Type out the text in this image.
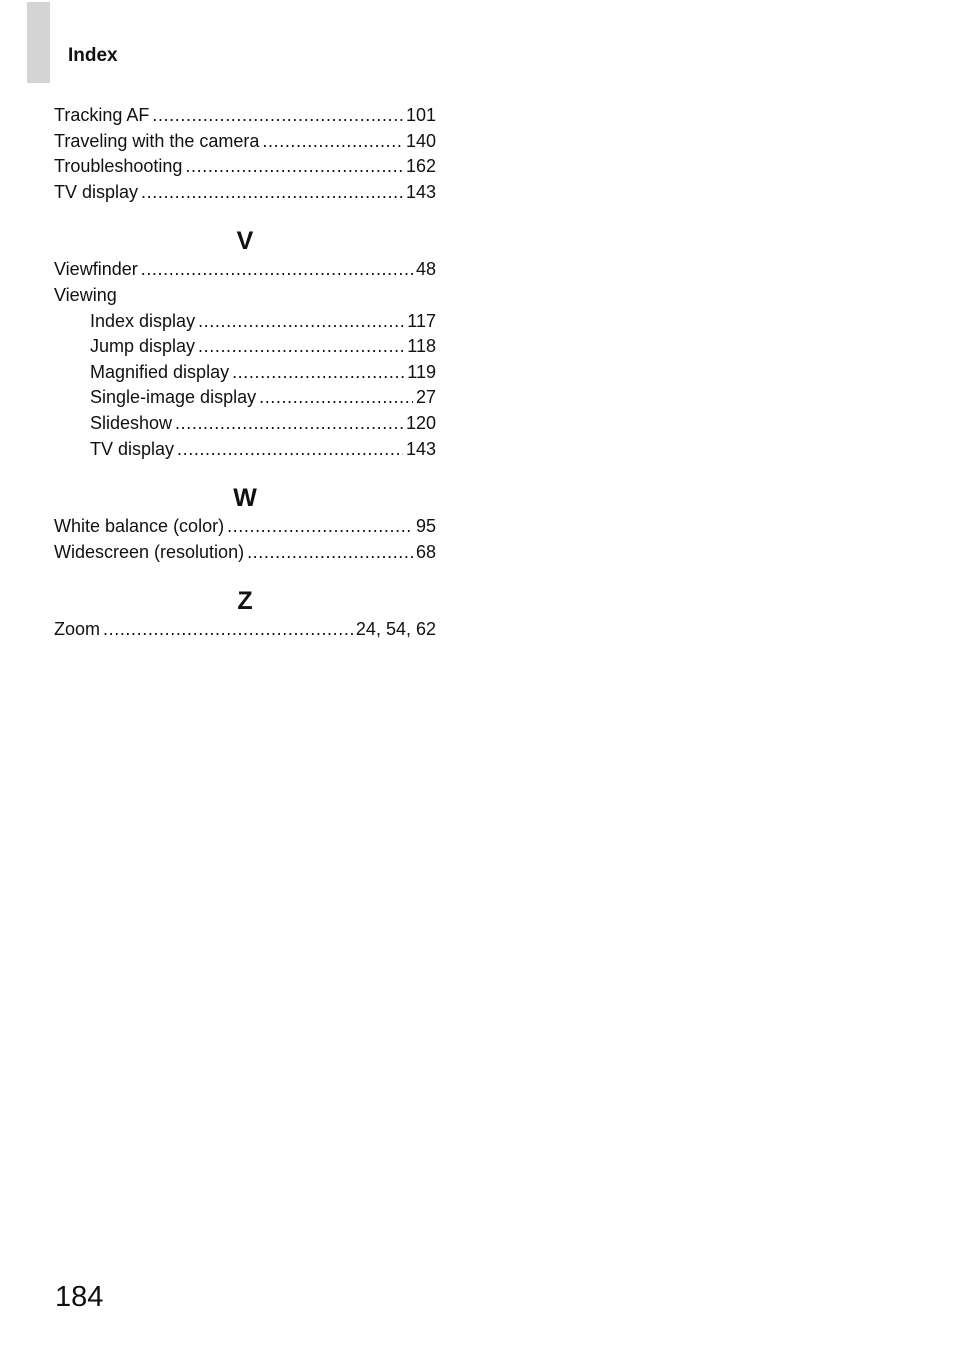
Index
Tracking AF .....	101
Traveling with the camera .....	140
Troubleshooting .....	162
TV display .....	143
V
Viewfinder .....	48
Viewing
Index display .....	117
Jump display .....	118
Magnified display .....	119
Single-image display .....	27
Slideshow .....	120
TV display .....	143
W
White balance (color) .....	95
Widescreen (resolution) .....	68
Z
Zoom .....	24, 54, 62
184
